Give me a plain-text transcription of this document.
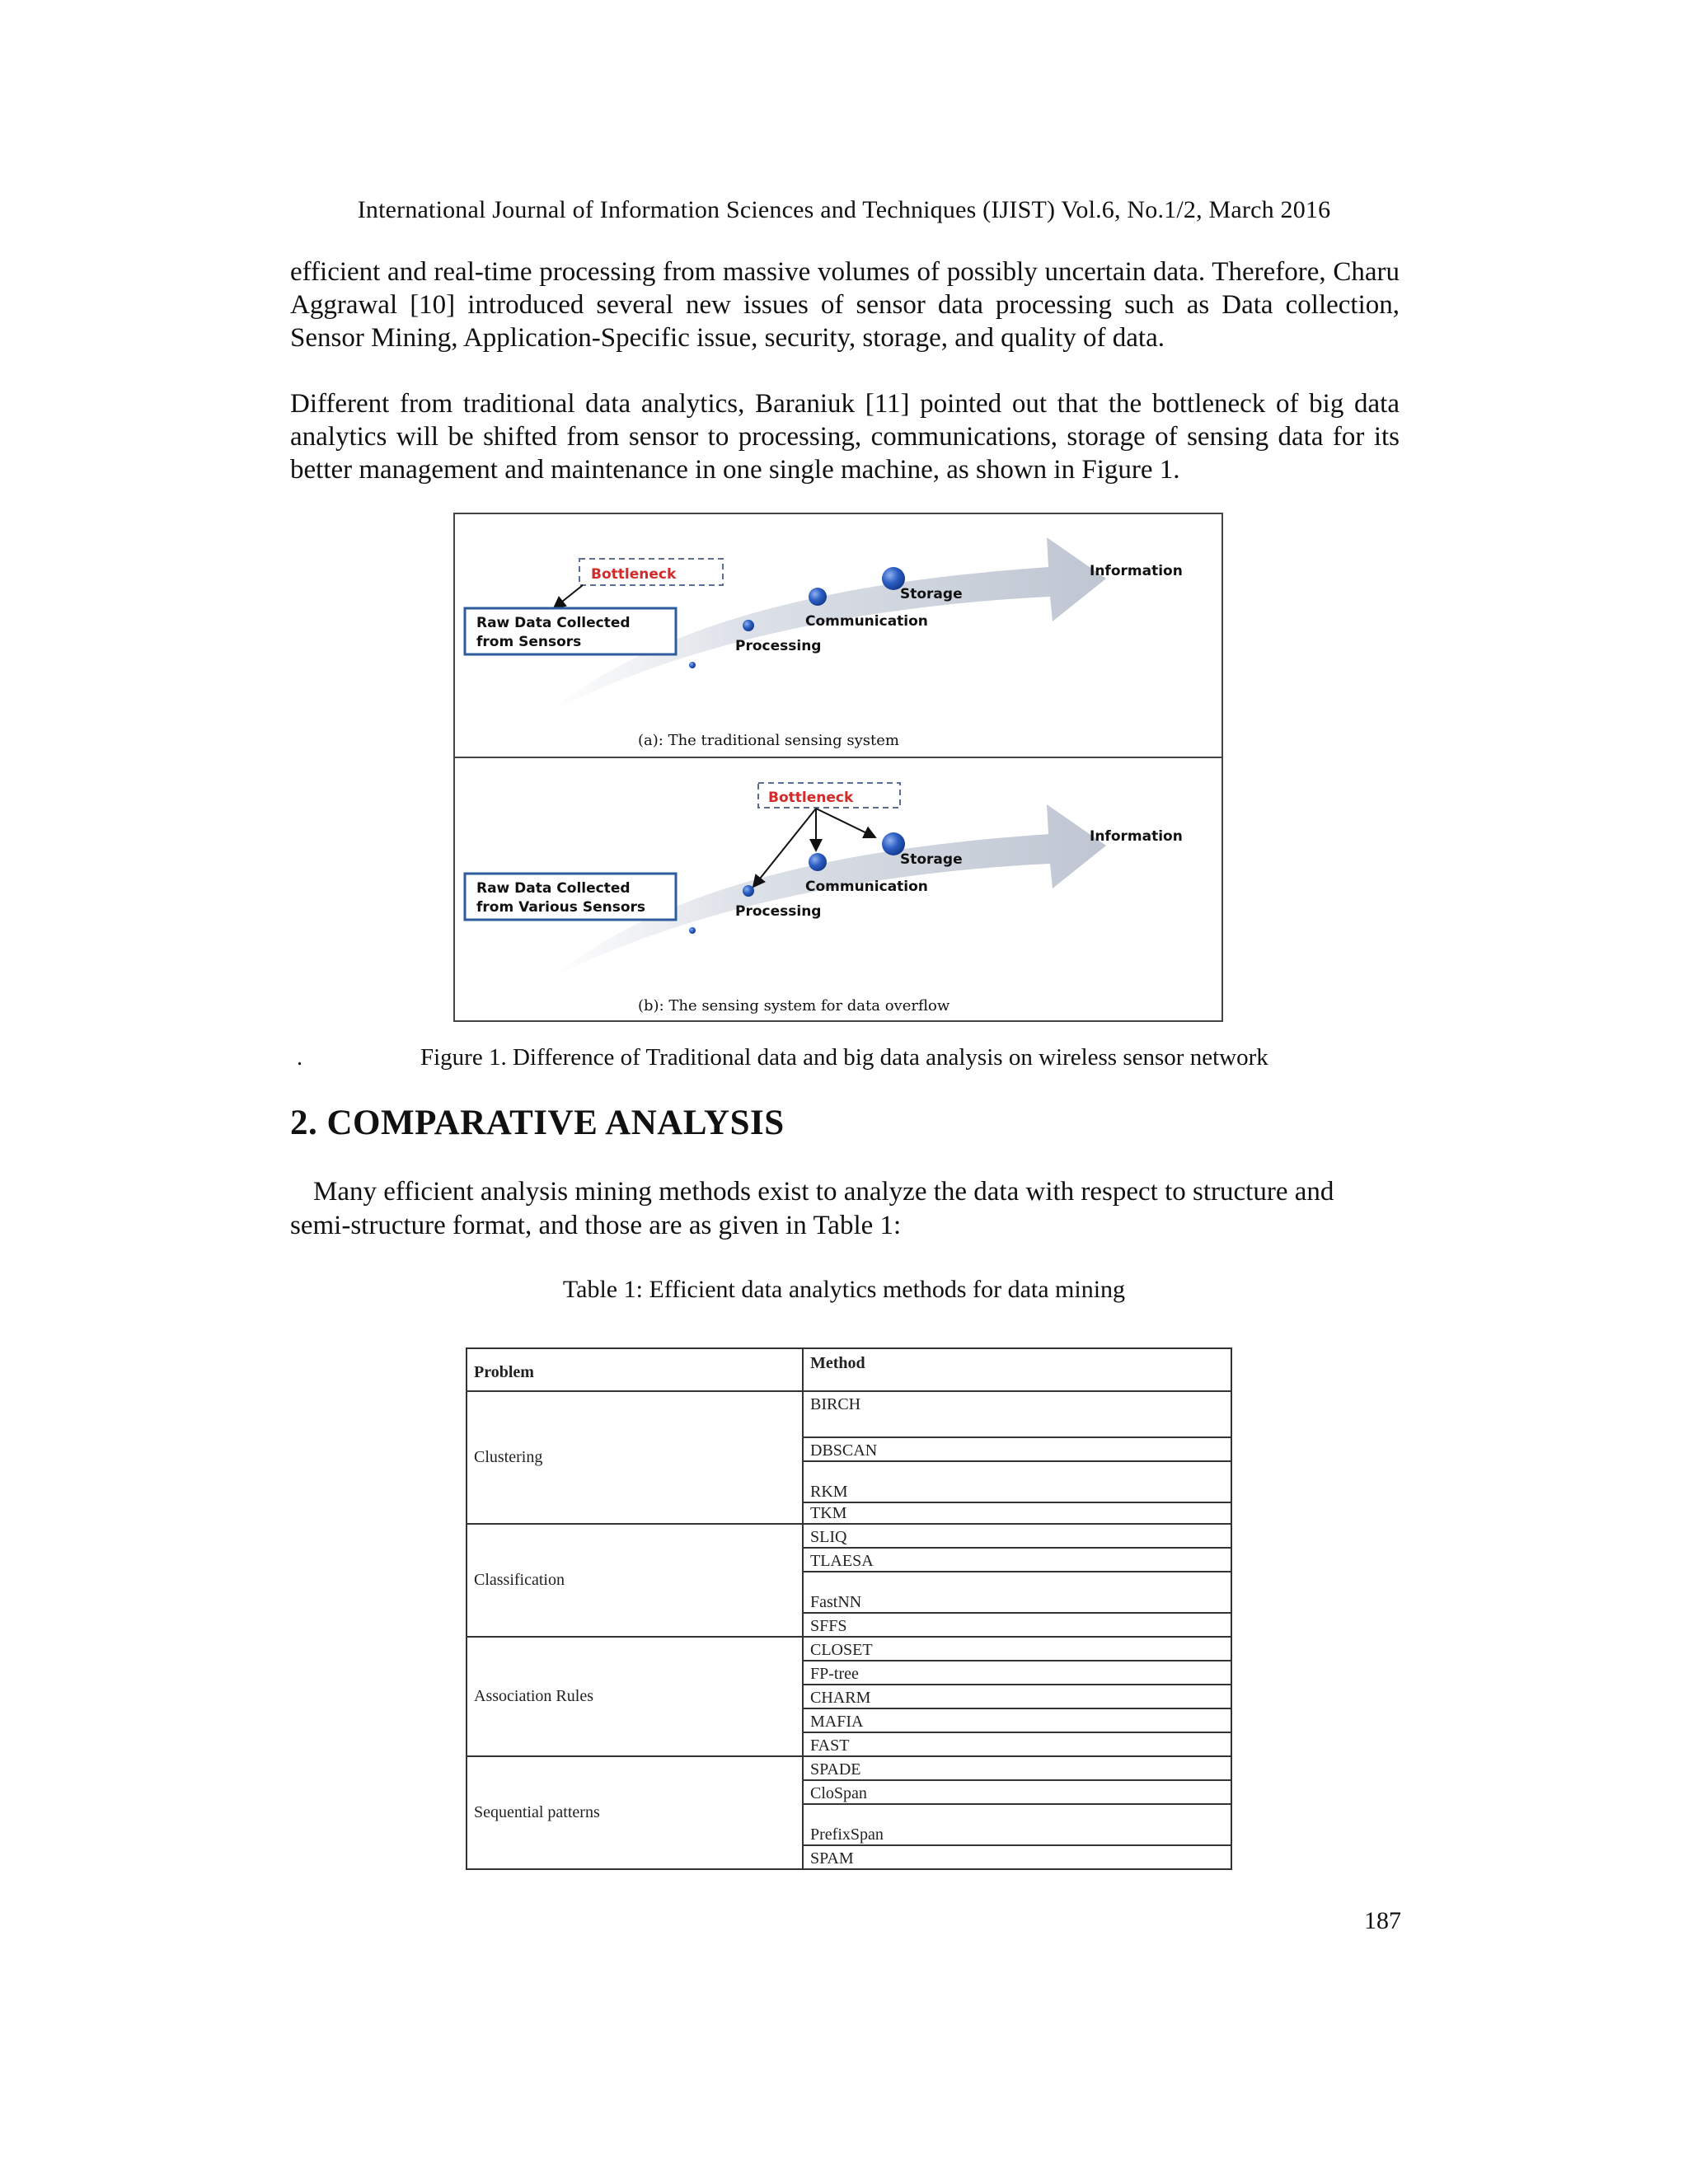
International Journal of Information Sciences and Techniques (IJIST) Vol.6, No.1/2, March 2016
efficient and real-time processing from massive volumes of possibly uncertain data. Therefore, Charu Aggrawal [10] introduced several new issues of sensor data processing such as Data collection, Sensor Mining, Application-Specific issue, security, storage, and quality of data.
Different from traditional data analytics, Baraniuk [11] pointed out that the bottleneck of big data analytics will be shifted from sensor to processing, communications, storage of sensing data for its better management and maintenance in one single machine, as shown in Figure 1.
Bottleneck
Raw Data Collected
from Sensors
Information
Storage
Communication
Processing
(a): The traditional sensing system
Bottleneck
Raw Data Collected
from Various Sensors
Information
Storage
Communication
Processing
(b): The sensing system for data overflow
.	Figure 1. Difference of Traditional data and big data analysis on wireless sensor network
2. COMPARATIVE ANALYSIS
Many efficient analysis mining methods exist to analyze the data with respect to structure and semi-structure format, and those are as given in Table 1:
Table 1: Efficient data analytics methods for data mining
Problem	Method
Clustering	BIRCH
	DBSCAN
	RKM
	TKM
Classification	SLIQ
	TLAESA
	FastNN
	SFFS
Association Rules	CLOSET
	FP-tree
	CHARM
	MAFIA
	FAST
Sequential patterns	SPADE
	CloSpan
	PrefixSpan
	SPAM
187
